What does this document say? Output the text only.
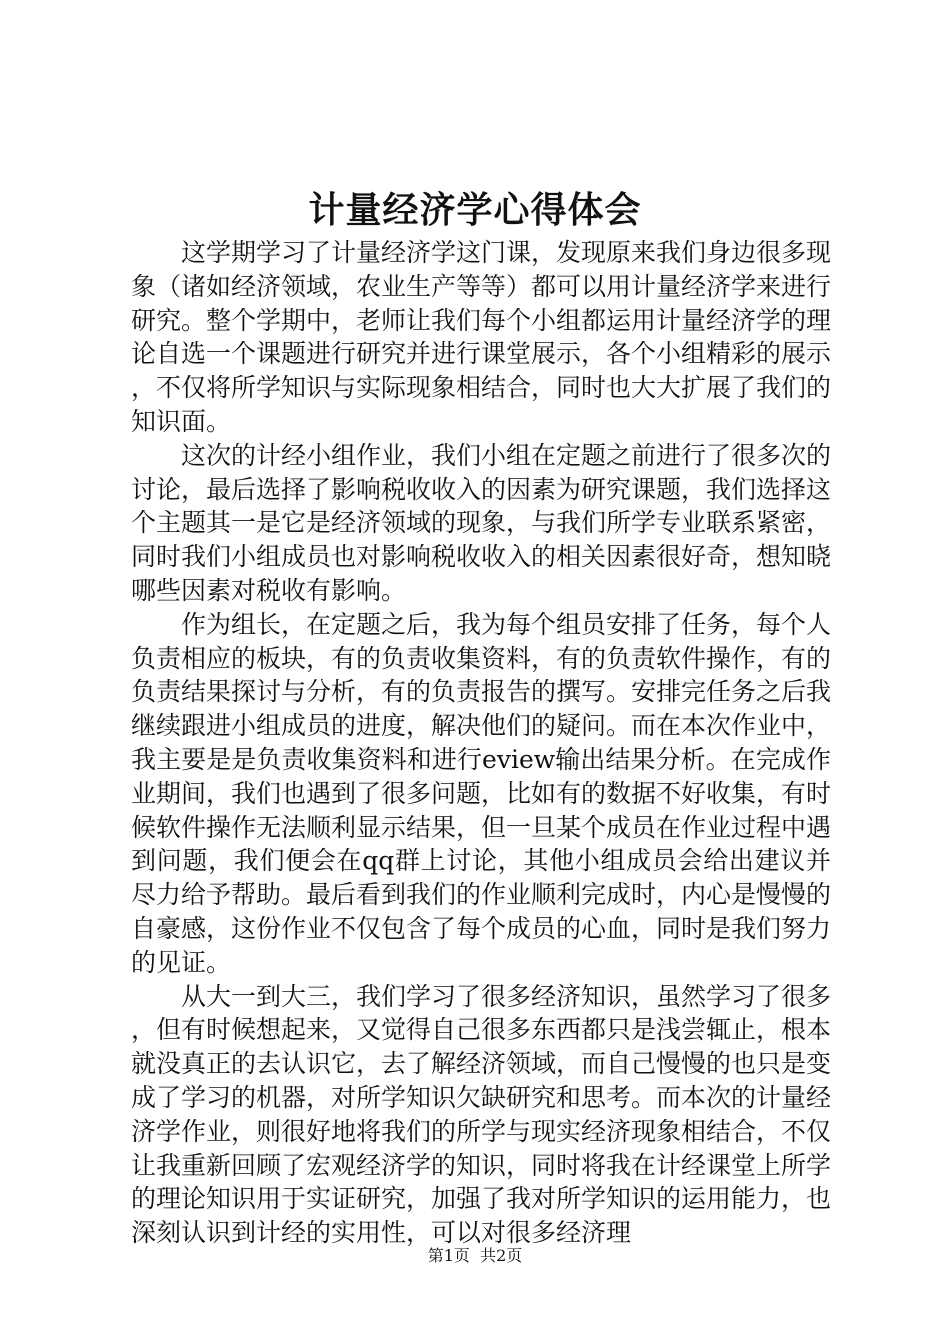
计量经济学心得体会

这学期学习了计量经济学这门课，发现原来我们身边很多现象（诸如经济领域，农业生产等等）都可以用计量经济学来进行研究。整个学期中，老师让我们每个小组都运用计量经济学的理论自选一个课题进行研究并进行课堂展示，各个小组精彩的展示，不仅将所学知识与实际现象相结合，同时也大大扩展了我们的知识面。

这次的计经小组作业，我们小组在定题之前进行了很多次的讨论，最后选择了影响税收收入的因素为研究课题，我们选择这个主题其一是它是经济领域的现象，与我们所学专业联系紧密，同时我们小组成员也对影响税收收入的相关因素很好奇，想知晓哪些因素对税收有影响。

作为组长，在定题之后，我为每个组员安排了任务，每个人负责相应的板块，有的负责收集资料，有的负责软件操作，有的负责结果探讨与分析，有的负责报告的撰写。安排完任务之后我继续跟进小组成员的进度，解决他们的疑问。而在本次作业中，我主要是是负责收集资料和进行eview输出结果分析。在完成作业期间，我们也遇到了很多问题，比如有的数据不好收集，有时候软件操作无法顺利显示结果，但一旦某个成员在作业过程中遇到问题，我们便会在qq群上讨论，其他小组成员会给出建议并尽力给予帮助。最后看到我们的作业顺利完成时，内心是慢慢的自豪感，这份作业不仅包含了每个成员的心血，同时是我们努力的见证。

从大一到大三，我们学习了很多经济知识，虽然学习了很多，但有时候想起来，又觉得自己很多东西都只是浅尝辄止，根本就没真正的去认识它，去了解经济领域，而自己慢慢的也只是变成了学习的机器，对所学知识欠缺研究和思考。而本次的计量经济学作业，则很好地将我们的所学与现实经济现象相结合，不仅让我重新回顾了宏观经济学的知识，同时将我在计经课堂上所学的理论知识用于实证研究，加强了我对所学知识的运用能力，也深刻认识到计经的实用性，可以对很多经济理

第1页 共2页
